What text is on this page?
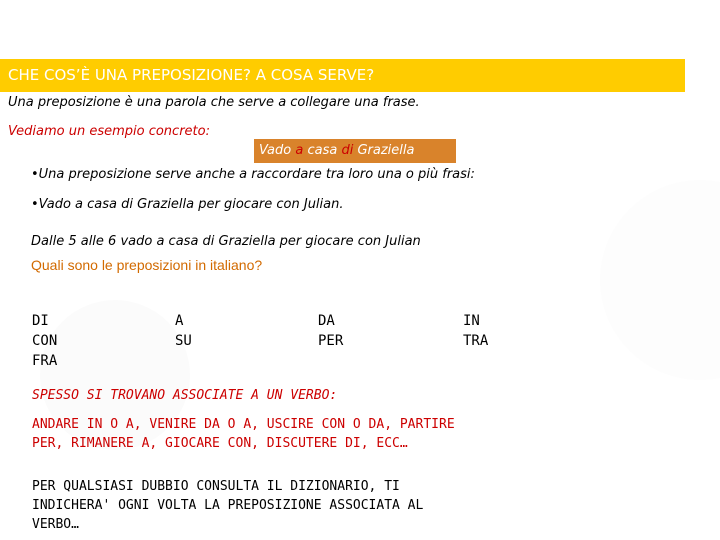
CHE COS’È UNA PREPOSIZIONE? A COSA SERVE?
Una preposizione è una parola che serve a collegare una frase.
Vediamo un esempio concreto:
Vado a casa di Graziella
•Una preposizione serve anche a raccordare tra loro una o più frasi:
•Vado a casa di Graziella per giocare con Julian.
Dalle 5 alle 6 vado a casa di Graziella per giocare con Julian
Quali sono le preposizioni in italiano?
DI
CON
FRA
A
SU
DA
PER
IN
TRA
SPESSO SI TROVANO ASSOCIATE A UN VERBO:
ANDARE IN O A, VENIRE DA O A, USCIRE CON O DA, PARTIRE
PER, RIMANERE A, GIOCARE CON, DISCUTERE DI, ECC…
PER QUALSIASI DUBBIO CONSULTA IL DIZIONARIO, TI
INDICHERA' OGNI VOLTA LA PREPOSIZIONE ASSOCIATA AL
VERBO…
